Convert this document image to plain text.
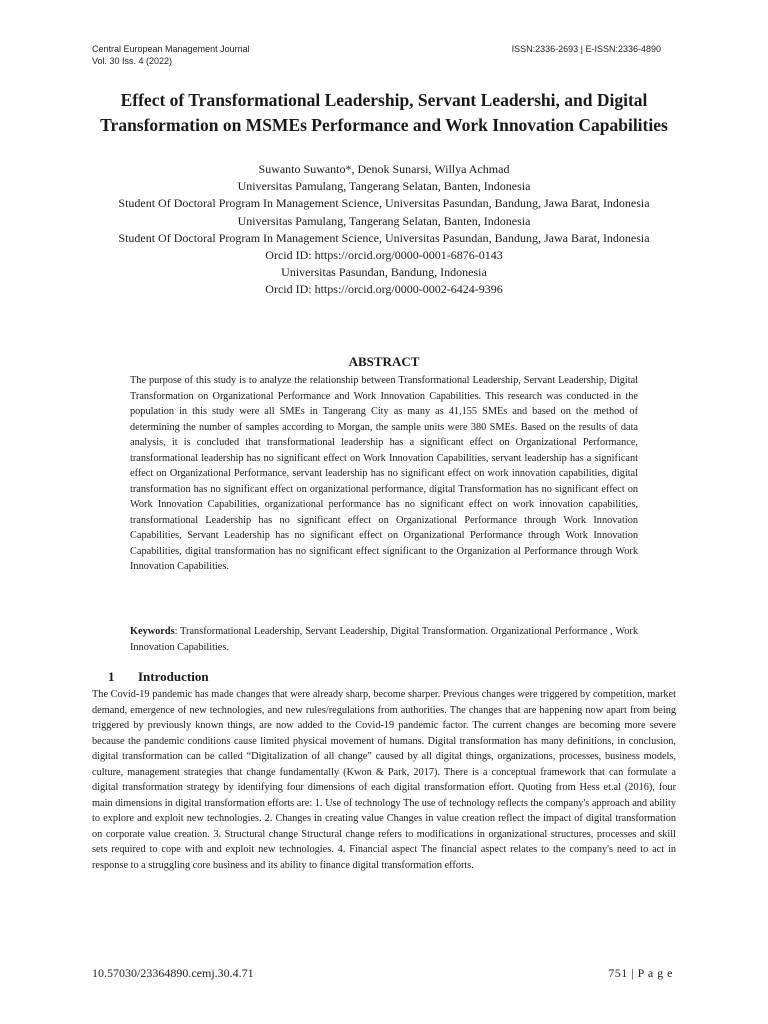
Central European Management Journal
Vol. 30 Iss. 4 (2022)
ISSN:2336-2693 | E-ISSN:2336-4890
Effect of Transformational Leadership, Servant Leadershi, and Digital Transformation on MSMEs Performance and Work Innovation Capabilities
Suwanto Suwanto*, Denok Sunarsi, Willya Achmad
Universitas Pamulang, Tangerang Selatan, Banten, Indonesia
Student Of Doctoral Program In Management Science, Universitas Pasundan, Bandung, Jawa Barat, Indonesia
Universitas Pamulang, Tangerang Selatan, Banten, Indonesia
Student Of Doctoral Program In Management Science, Universitas Pasundan, Bandung, Jawa Barat, Indonesia
Orcid ID: https://orcid.org/0000-0001-6876-0143
Universitas Pasundan, Bandung, Indonesia
Orcid ID: https://orcid.org/0000-0002-6424-9396
ABSTRACT

The purpose of this study is to analyze the relationship between Transformational Leadership, Servant Leadership, Digital Transformation on Organizational Performance and Work Innovation Capabilities. This research was conducted in the population in this study were all SMEs in Tangerang City as many as 41,155 SMEs and based on the method of determining the number of samples according to Morgan, the sample units were 380 SMEs. Based on the results of data analysis, it is concluded that transformational leadership has a significant effect on Organizational Performance, transformational leadership has no significant effect on Work Innovation Capabilities, servant leadership has a significant effect on Organizational Performance, servant leadership has no significant effect on work innovation capabilities, digital transformation has no significant effect on organizational performance, digital Transformation has no significant effect on Work Innovation Capabilities, organizational performance has no significant effect on work innovation capabilities, transformational Leadership has no significant effect on Organizational Performance through Work Innovation Capabilities, Servant Leadership has no significant effect on Organizational Performance through Work Innovation Capabilities, digital transformation has no significant effect significant to the Organization al Performance through Work Innovation Capabilities.

Keywords: Transformational Leadership, Servant Leadership, Digital Transformation. Organizational Performance , Work Innovation Capabilities.

1 Introduction

The Covid-19 pandemic has made changes that were already sharp, become sharper. Previous changes were triggered by competition, market demand, emergence of new technologies, and new rules/regulations from authorities. The changes that are happening now apart from being triggered by previously known things, are now added to the Covid-19 pandemic factor. The current changes are becoming more severe because the pandemic conditions cause limited physical movement of humans. Digital transformation has many definitions, in conclusion, digital transformation can be called “Digitalization of all change” caused by all digital things, organizations, processes, business models, culture, management strategies that change fundamentally (Kwon & Park, 2017). There is a conceptual framework that can formulate a digital transformation strategy by identifying four dimensions of each digital transformation effort. Quoting from Hess et.al (2016), four main dimensions in digital transformation efforts are: 1. Use of technology The use of technology reflects the company's approach and ability to explore and exploit new technologies. 2. Changes in creating value Changes in value creation reflect the impact of digital transformation on corporate value creation. 3. Structural change Structural change refers to modifications in organizational structures, processes and skill sets required to cope with and exploit new technologies. 4. Financial aspect The financial aspect relates to the company's need to act in response to a struggling core business and its ability to finance digital transformation efforts.

10.57030/23364890.cemj.30.4.71	751 | P a g e
